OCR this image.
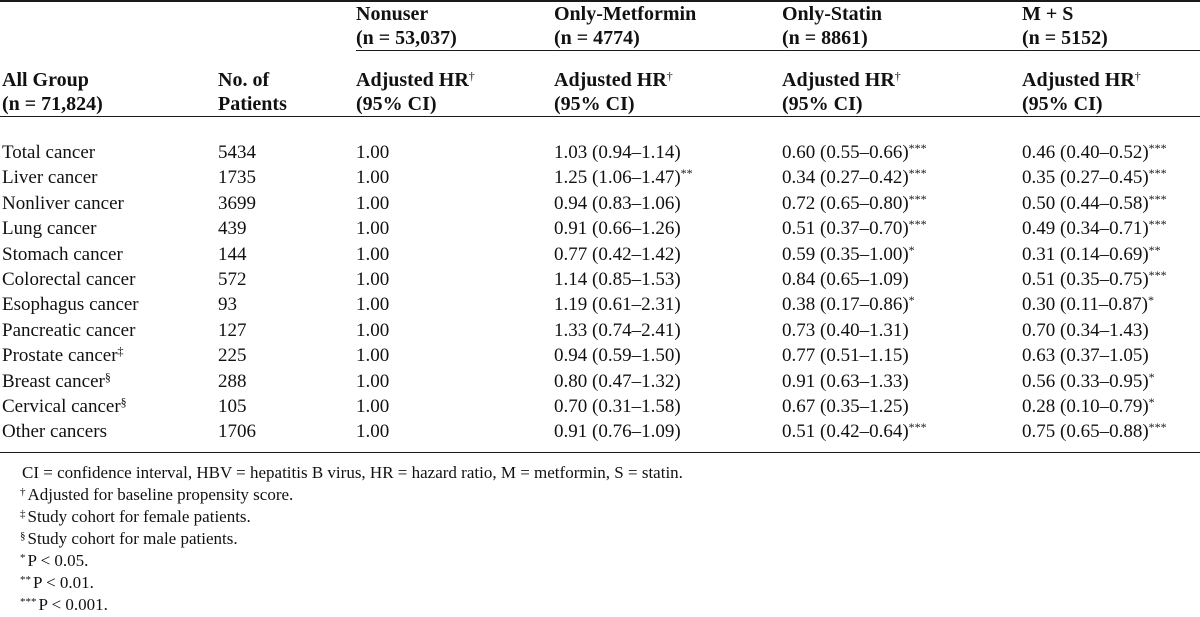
Nonuser
(n = 53,037)
Only-Metformin
(n = 4774)
Only-Statin
(n = 8861)
M + S
(n = 5152)
All Group
(n = 71,824)
No. of
Patients
Adjusted HR†
(95% CI)
Adjusted HR†
(95% CI)
Adjusted HR†
(95% CI)
Adjusted HR†
(95% CI)
Total cancer
Liver cancer
Nonliver cancer
Lung cancer
Stomach cancer
Colorectal cancer
Esophagus cancer
Pancreatic cancer
Prostate cancer‡
Breast cancer§
Cervical cancer§
Other cancers
5434
1735
3699
439
144
572
93
127
225
288
105
1706
1.00
1.00
1.00
1.00
1.00
1.00
1.00
1.00
1.00
1.00
1.00
1.00
1.03 (0.94–1.14)
1.25 (1.06–1.47)**
0.94 (0.83–1.06)
0.91 (0.66–1.26)
0.77 (0.42–1.42)
1.14 (0.85–1.53)
1.19 (0.61–2.31)
1.33 (0.74–2.41)
0.94 (0.59–1.50)
0.80 (0.47–1.32)
0.70 (0.31–1.58)
0.91 (0.76–1.09)
0.60 (0.55–0.66)***
0.34 (0.27–0.42)***
0.72 (0.65–0.80)***
0.51 (0.37–0.70)***
0.59 (0.35–1.00)*
0.84 (0.65–1.09)
0.38 (0.17–0.86)*
0.73 (0.40–1.31)
0.77 (0.51–1.15)
0.91 (0.63–1.33)
0.67 (0.35–1.25)
0.51 (0.42–0.64)***
0.46 (0.40–0.52)***
0.35 (0.27–0.45)***
0.50 (0.44–0.58)***
0.49 (0.34–0.71)***
0.31 (0.14–0.69)**
0.51 (0.35–0.75)***
0.30 (0.11–0.87)*
0.70 (0.34–1.43)
0.63 (0.37–1.05)
0.56 (0.33–0.95)*
0.28 (0.10–0.79)*
0.75 (0.65–0.88)***
CI = confidence interval, HBV = hepatitis B virus, HR = hazard ratio, M = metformin, S = statin.
† Adjusted for baseline propensity score.
‡ Study cohort for female patients.
§ Study cohort for male patients.
* P < 0.05.
** P < 0.01.
*** P < 0.001.
